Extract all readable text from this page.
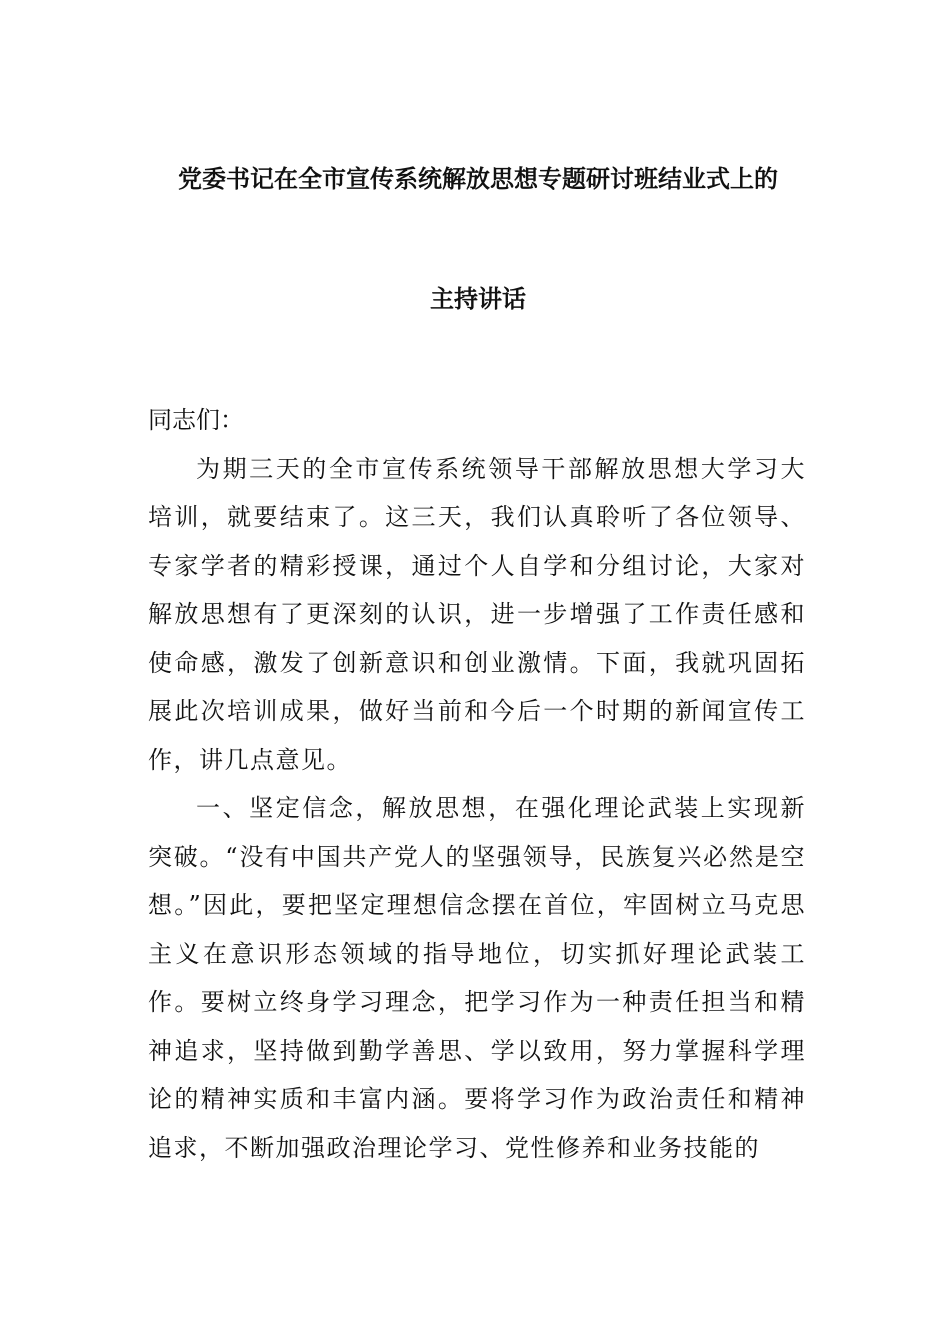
党委书记在全市宣传系统解放思想专题研讨班结业式上的
主持讲话

同志们：

为期三天的全市宣传系统领导干部解放思想大学习大培训，就要结束了。这三天，我们认真聆听了各位领导、专家学者的精彩授课，通过个人自学和分组讨论，大家对解放思想有了更深刻的认识，进一步增强了工作责任感和使命感，激发了创新意识和创业激情。下面，我就巩固拓展此次培训成果，做好当前和今后一个时期的新闻宣传工作，讲几点意见。

一、坚定信念，解放思想，在强化理论武装上实现新突破。“没有中国共产党人的坚强领导，民族复兴必然是空想。”因此，要把坚定理想信念摆在首位，牢固树立马克思主义在意识形态领域的指导地位，切实抓好理论武装工作。要树立终身学习理念，把学习作为一种责任担当和精神追求，坚持做到勤学善思、学以致用，努力掌握科学理论的精神实质和丰富内涵。要将学习作为政治责任和精神追求，不断加强政治理论学习、党性修养和业务技能的
